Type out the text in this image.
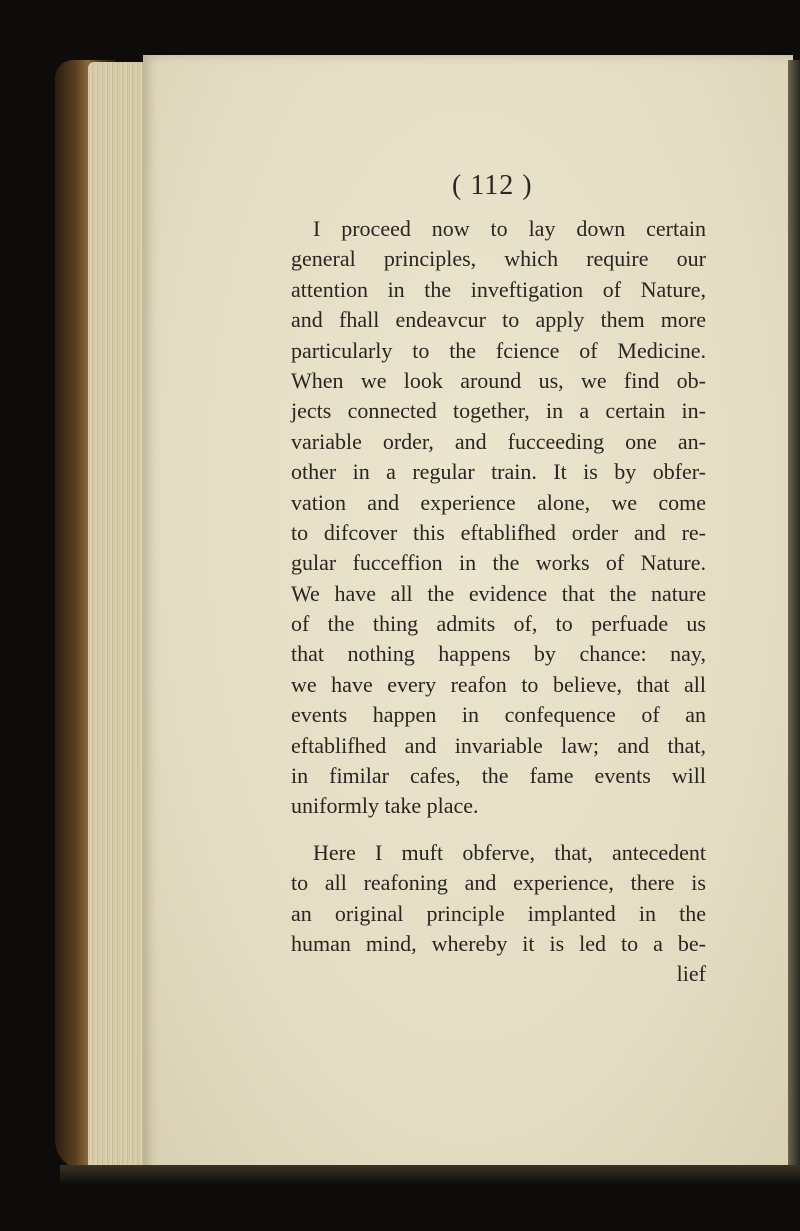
( 112 )
I proceed now to lay down certain
general principles, which require our
attention in the inveftigation of Nature,
and fhall endeavcur to apply them more
particularly to the fcience of Medicine.
When we look around us, we find ob-
jects connected together, in a certain in-
variable order, and fucceeding one an-
other in a regular train. It is by obfer-
vation and experience alone, we come
to difcover this eftablifhed order and re-
gular fucceffion in the works of Nature.
We have all the evidence that the nature
of the thing admits of, to perfuade us
that nothing happens by chance: nay,
we have every reafon to believe, that all
events happen in confequence of an
eftablifhed and invariable law; and that,
in fimilar cafes, the fame events will
uniformly take place.
Here I muft obferve, that, antecedent
to all reafoning and experience, there is
an original principle implanted in the
human mind, whereby it is led to a be-
lief
